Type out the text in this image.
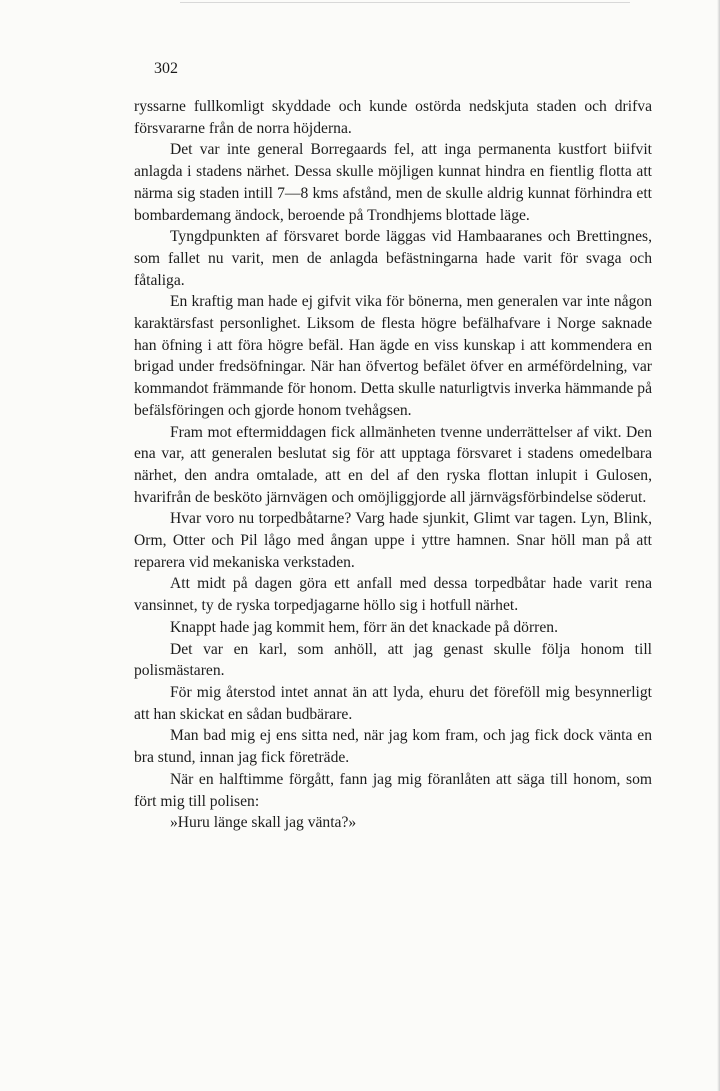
302

ryssarne fullkomligt skyddade och kunde ostörda nedskjuta staden och drifva försvararne från de norra höjderna.

Det var inte general Borregaards fel, att inga permanenta kustfort biifvit anlagda i stadens närhet. Dessa skulle möjligen kunnat hindra en fientlig flotta att närma sig staden intill 7—8 kms afstånd, men de skulle aldrig kunnat förhindra ett bombardemang ändock, beroende på Trondhjems blottade läge.

Tyngdpunkten af försvaret borde läggas vid Hambaaranes och Brettingnes, som fallet nu varit, men de anlagda befästningarna hade varit för svaga och fåtaliga.

En kraftig man hade ej gifvit vika för bönerna, men generalen var inte någon karaktärsfast personlighet. Liksom de flesta högre befälhafvare i Norge saknade han öfning i att föra högre befäl. Han ägde en viss kunskap i att kommendera en brigad under fredsöfningar. När han öfvertog befälet öfver en arméfördelning, var kommandot främmande för honom. Detta skulle naturligtvis inverka hämmande på befälsföringen och gjorde honom tvehågsen.

Fram mot eftermiddagen fick allmänheten tvenne underrättelser af vikt. Den ena var, att generalen beslutat sig för att upptaga försvaret i stadens omedelbara närhet, den andra omtalade, att en del af den ryska flottan inlupit i Gulosen, hvarifrån de besköto järnvägen och omöjliggjorde all järnvägsförbindelse söderut.

Hvar voro nu torpedbåtarne? Varg hade sjunkit, Glimt var tagen. Lyn, Blink, Orm, Otter och Pil lågo med ångan uppe i yttre hamnen. Snar höll man på att reparera vid mekaniska verkstaden.

Att midt på dagen göra ett anfall med dessa torpedbåtar hade varit rena vansinnet, ty de ryska torpedjagarne höllo sig i hotfull närhet.

Knappt hade jag kommit hem, förr än det knackade på dörren.

Det var en karl, som anhöll, att jag genast skulle följa honom till polismästaren.

För mig återstod intet annat än att lyda, ehuru det föreföll mig besynnerligt att han skickat en sådan budbärare.

Man bad mig ej ens sitta ned, när jag kom fram, och jag fick dock vänta en bra stund, innan jag fick företräde.

När en halftimme förgått, fann jag mig föranlåten att säga till honom, som fört mig till polisen:

»Huru länge skall jag vänta?»
